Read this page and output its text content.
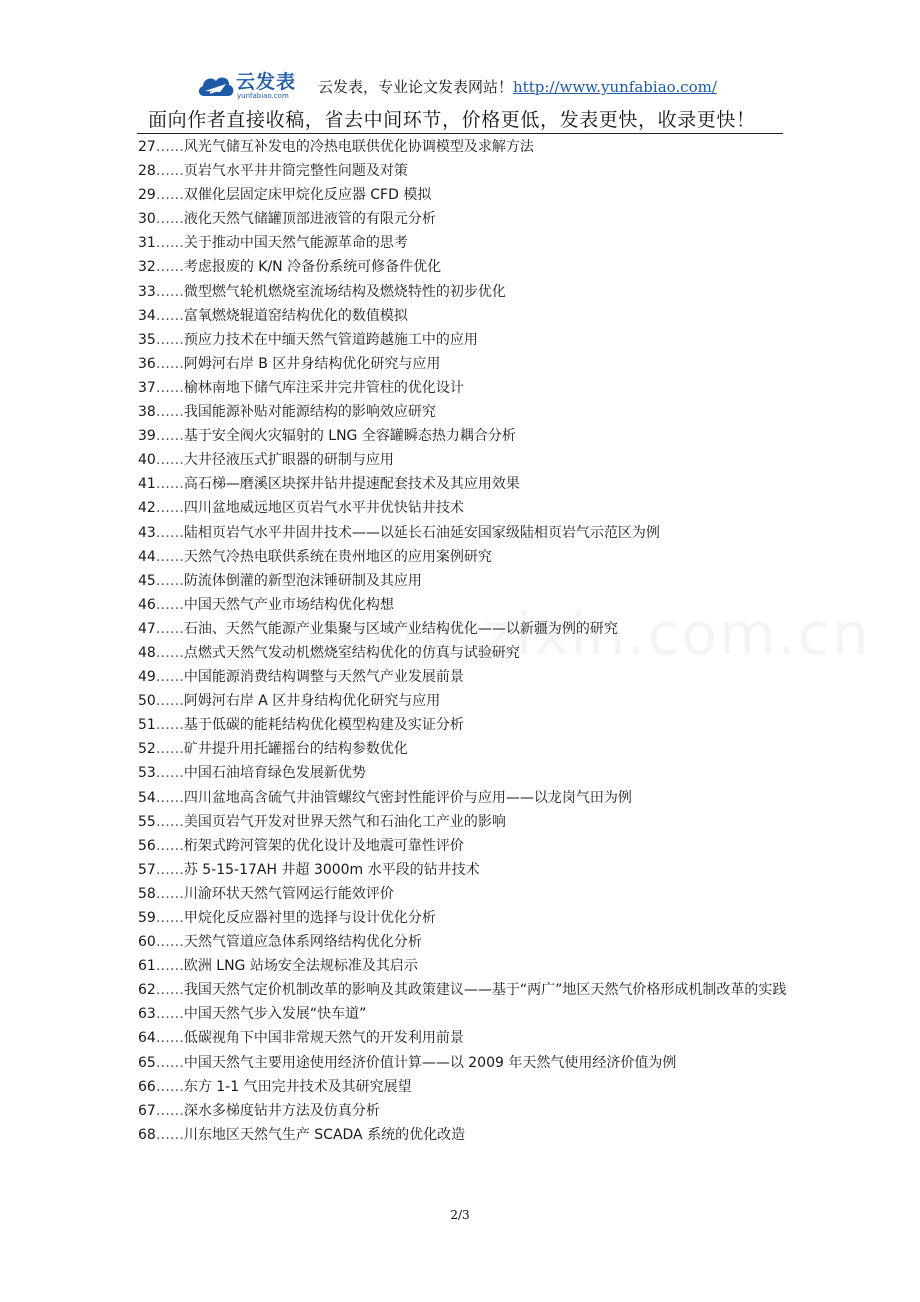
云发表
yunfabiao.com 云发表，专业论文发表网站！http://www.yunfabiao.com/
面向作者直接收稿，省去中间环节，价格更低，发表更快，收录更快！
27……风光气储互补发电的冷热电联供优化协调模型及求解方法
28……页岩气水平井井筒完整性问题及对策
29……双催化层固定床甲烷化反应器 CFD 模拟
30……液化天然气储罐顶部进液管的有限元分析
31……关于推动中国天然气能源革命的思考
32……考虑报废的 K/N 冷备份系统可修备件优化
33……微型燃气轮机燃烧室流场结构及燃烧特性的初步优化
34……富氧燃烧辊道窑结构优化的数值模拟
35……预应力技术在中缅天然气管道跨越施工中的应用
36……阿姆河右岸 B 区井身结构优化研究与应用
37……榆林南地下储气库注采井完井管柱的优化设计
38……我国能源补贴对能源结构的影响效应研究
39……基于安全阀火灾辐射的 LNG 全容罐瞬态热力耦合分析
40……大井径液压式扩眼器的研制与应用
41……高石梯—磨溪区块探井钻井提速配套技术及其应用效果
42……四川盆地威远地区页岩气水平井优快钻井技术
43……陆相页岩气水平井固井技术——以延长石油延安国家级陆相页岩气示范区为例
44……天然气冷热电联供系统在贵州地区的应用案例研究
45……防流体倒灌的新型泡沫锤研制及其应用
46……中国天然气产业市场结构优化构想
47……石油、天然气能源产业集聚与区域产业结构优化——以新疆为例的研究
48……点燃式天然气发动机燃烧室结构优化的仿真与试验研究
49……中国能源消费结构调整与天然气产业发展前景
50……阿姆河右岸 A 区井身结构优化研究与应用
51……基于低碳的能耗结构优化模型构建及实证分析
52……矿井提升用托罐摇台的结构参数优化
53……中国石油培育绿色发展新优势
54……四川盆地高含硫气井油管螺纹气密封性能评价与应用——以龙岗气田为例
55……美国页岩气开发对世界天然气和石油化工产业的影响
56……桁架式跨河管架的优化设计及地震可靠性评价
57……苏 5-15-17AH 井超 3000m 水平段的钻井技术
58……川渝环状天然气管网运行能效评价
59……甲烷化反应器衬里的选择与设计优化分析
60……天然气管道应急体系网络结构优化分析
61……欧洲 LNG 站场安全法规标准及其启示
62……我国天然气定价机制改革的影响及其政策建议——基于“两广”地区天然气价格形成机制改革的实践
63……中国天然气步入发展“快车道”
64……低碳视角下中国非常规天然气的开发利用前景
65……中国天然气主要用途使用经济价值计算——以 2009 年天然气使用经济价值为例
66……东方 1-1 气田完井技术及其研究展望
67……深水多梯度钻井方法及仿真分析
68……川东地区天然气生产 SCADA 系统的优化改造
2/3
